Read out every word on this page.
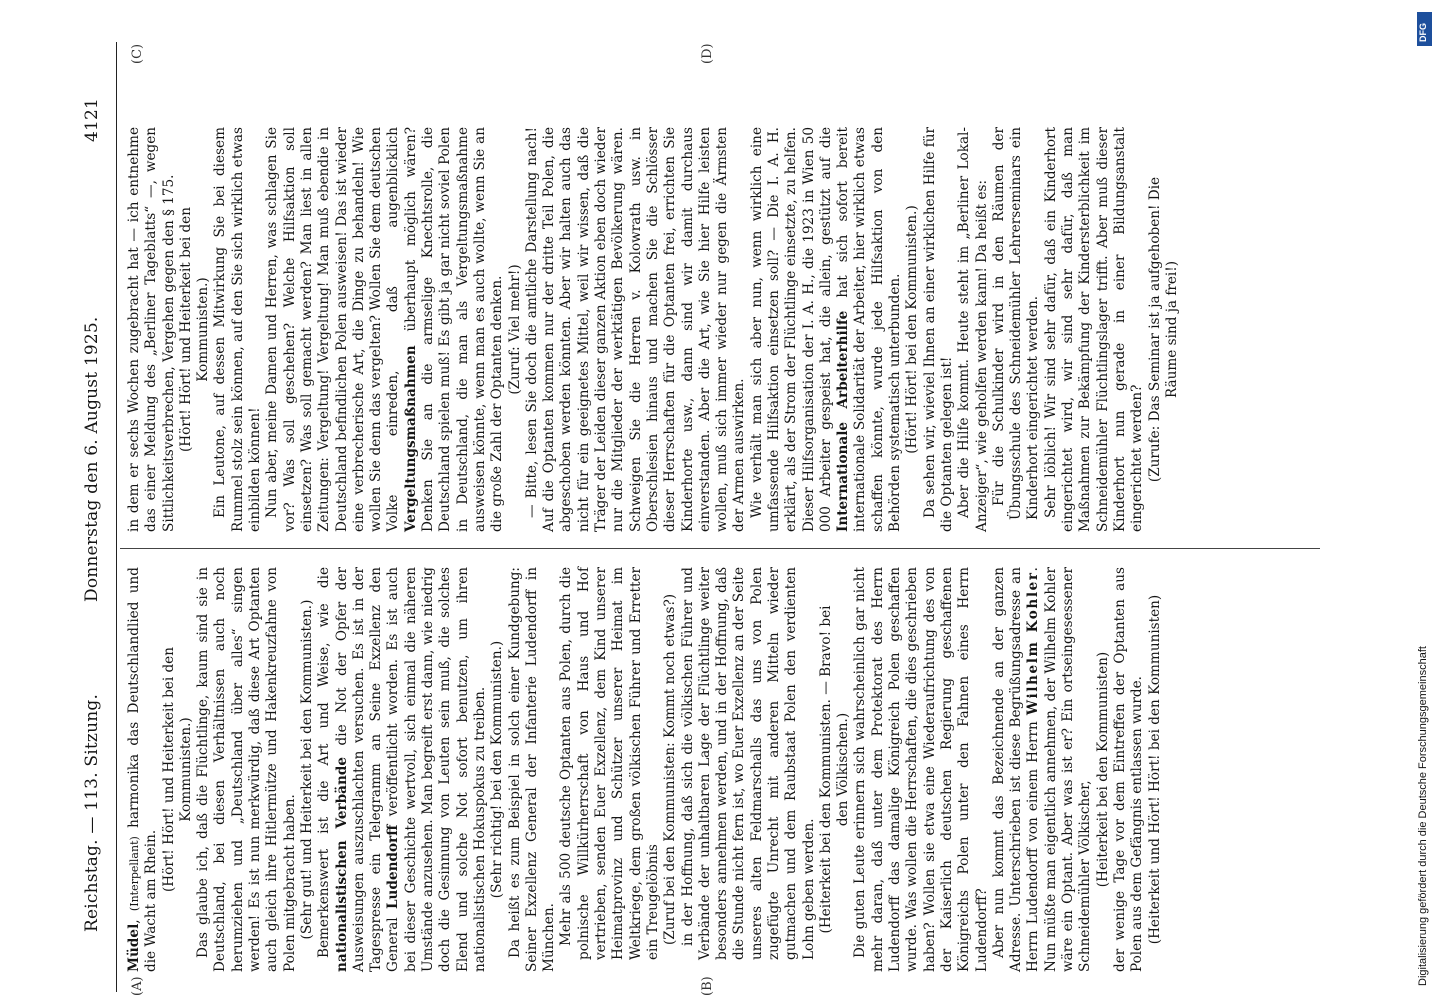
Reichstag. — 113. Sitzung.
Donnerstag den 6. August 1925.
4121
(A)	(B)
(C)	(D)

Müdel, (Interpellant) harmonika das Deutschlandlied und die Wacht am Rhein.

(Hört! Hört! und Heiterkeit bei den Kommunisten.) Das glaube ich, daß die Flüchtlinge, kaum sind sie in Deutschland, bei diesen Verhältnissen auch noch herumziehen und „Deutschland über alles“ singen werden! Es ist nun merkwürdig, daß diese Art Optanten auch gleich ihre Hitlermütze und Hakenkreuzfahne von Polen mitgebracht haben. (Sehr gut! und Heiterkeit bei den Kommunisten.) Bemerkenswert ist die Art und Weise, wie die nationalistischen Verbände die Not der Opfer der Ausweisungen auszuschlachten versuchen. Es ist in der Tagespresse ein Telegramm an Seine Exzellenz den General Ludendorff veröffentlicht worden. Es ist auch bei dieser Geschichte wertvoll, sich einmal die näheren Umstände anzusehen. Man begreift erst dann, wie niedrig doch die Gesinnung von Leuten sein muß, die solches Elend und solche Not sofort benutzen, um ihren nationalistischen Hokuspokus zu treiben. (Sehr richtig! bei den Kommunisten.) Da heißt es zum Beispiel in solch einer Kundgebung: Seiner Exzellenz General der Infanterie Ludendorff in München. Mehr als 500 deutsche Optanten aus Polen, durch die polnische Willkürherrschaft von Haus und Hof vertrieben, senden Euer Exzellenz, dem Kind unserer Heimatprovinz und Schützer unserer Heimat im Weltkriege, dem großen völkischen Führer und Erretter ein Treugelöbnis (Zuruf bei den Kommunisten: Kommt noch etwas?) in der Hoffnung, daß sich die völkischen Führer und Verbände der unhaltbaren Lage der Flüchtlinge weiter besonders annehmen werden, und in der Hoffnung, daß die Stunde nicht fern ist, wo Euer Exzellenz an der Seite unseres alten Feldmarschalls das uns von Polen zugefügte Unrecht mit anderen Mitteln wieder gutmachen und dem Raubstaat Polen den verdienten Lohn geben werden. (Heiterkeit bei den Kommunisten. — Bravo! bei den Völkischen.) Die guten Leute erinnern sich wahrscheinlich gar nicht mehr daran, daß unter dem Protektorat des Herrn Ludendorff das damalige Königreich Polen geschaffen wurde. Was wollen die Herrschaften, die dies geschrieben haben? Wollen sie etwa eine Wiederaufrichtung des von der Kaiserlich deutschen Regierung geschaffenen Königreichs Polen unter den Fahnen eines Herrn Ludendorff? Aber nun kommt das Bezeichnende an der ganzen Adresse. Unterschrieben ist diese Begrüßungsadresse an Herrn Ludendorff von einem Herrn Wilhelm Kohler. Nun müßte man eigentlich annehmen, der Wilhelm Kohler wäre ein Optant. Aber was ist er? Ein ortseingesessener Schneidemühler Völkischer, (Heiterkeit bei den Kommunisten) der wenige Tage vor dem Eintreffen der Optanten aus Polen aus dem Gefängnis entlassen wurde. (Heiterkeit und Hört! Hört! bei den Kommunisten)

in dem er sechs Wochen zugebracht hat — ich entnehme das einer Meldung des „Berliner Tageblatts“ —, wegen Sittlichkeitsverbrechen, Vergehen gegen den § 175. (Hört! Hört! und Heiterkeit bei den Kommunisten.) Ein Leutone, auf dessen Mitwirkung Sie bei diesem Rummel stolz sein können, auf den Sie sich wirklich etwas einbilden können! Nun aber, meine Damen und Herren, was schlagen Sie vor? Was soll geschehen? Welche Hilfsaktion soll einsetzen? Was soll gemacht werden? Man liest in allen Zeitungen: Vergeltung! Vergeltung! Man muß ebendie in Deutschland befindlichen Polen ausweisen! Das ist wieder eine verbrecherische Art, die Dinge zu behandeln! Wie wollen Sie denn das vergelten? Wollen Sie dem deutschen Volke einreden, daß augenblicklich Vergeltungsmaßnahmen überhaupt möglich wären? Denken Sie an die armselige Knechtsrolle, die Deutschland spielen muß! Es gibt ja gar nicht soviel Polen in Deutschland, die man als Vergeltungsmaßnahme ausweisen könnte, wenn man es auch wollte, wenn Sie an die große Zahl der Optanten denken. (Zuruf: Viel mehr!) — Bitte, lesen Sie doch die amtliche Darstellung nach! Auf die Optanten kommen nur der dritte Teil Polen, die abgeschoben werden könnten. Aber wir halten auch das nicht für ein geeignetes Mittel, weil wir wissen, daß die Träger der Leiden dieser ganzen Aktion eben doch wieder nur die Mitglieder der werktätigen Bevölkerung wären. Schweigen Sie die Herren v. Kolowrath usw. in Oberschlesien hinaus und machen Sie die Schlösser dieser Herrschaften für die Optanten frei, errichten Sie Kinderhorte usw., dann sind wir damit durchaus einverstanden. Aber die Art, wie Sie hier Hilfe leisten wollen, muß sich immer wieder nur gegen die Ärmsten der Armen auswirken. Wie verhält man sich aber nun, wenn wirklich eine umfassende Hilfsaktion einsetzen soll? — Die I. A. H. erklärt, als der Strom der Flüchtlinge einsetzte, zu helfen. Dieser Hilfsorganisation der I. A. H., die 1923 in Wien 50 000 Arbeiter gespeist hat, die allein, gestützt auf die Internationale Arbeiterhilfe hat sich sofort bereit internationale Solidarität der Arbeiter, hier wirklich etwas schaffen könnte, wurde jede Hilfsaktion von den Behörden systematisch unterbunden. (Hört! Hört! bei den Kommunisten.) Da sehen wir, wieviel Ihnen an einer wirklichen Hilfe für die Optanten gelegen ist! Aber die Hilfe kommt. Heute steht im „Berliner Lokal-Anzeiger“, wie geholfen werden kann! Da heißt es: Für die Schulkinder wird in den Räumen der Übungsschule des Schneidemühler Lehrerseminars ein Kinderhort eingerichtet werden. Sehr löblich! Wir sind sehr dafür, daß ein Kinderhort eingerichtet wird, wir sind sehr dafür, daß man Maßnahmen zur Bekämpfung der Kindersterblichkeit im Schneidemühler Flüchtlingslager trifft. Aber muß dieser Kinderhort nun gerade in einer Bildungsanstalt eingerichtet werden? (Zurufe: Das Seminar ist ja aufgehoben! Die Räume sind ja frei!)

DFG
Digitalisierung gefördert durch die Deutsche Forschungsgemeinschaft
